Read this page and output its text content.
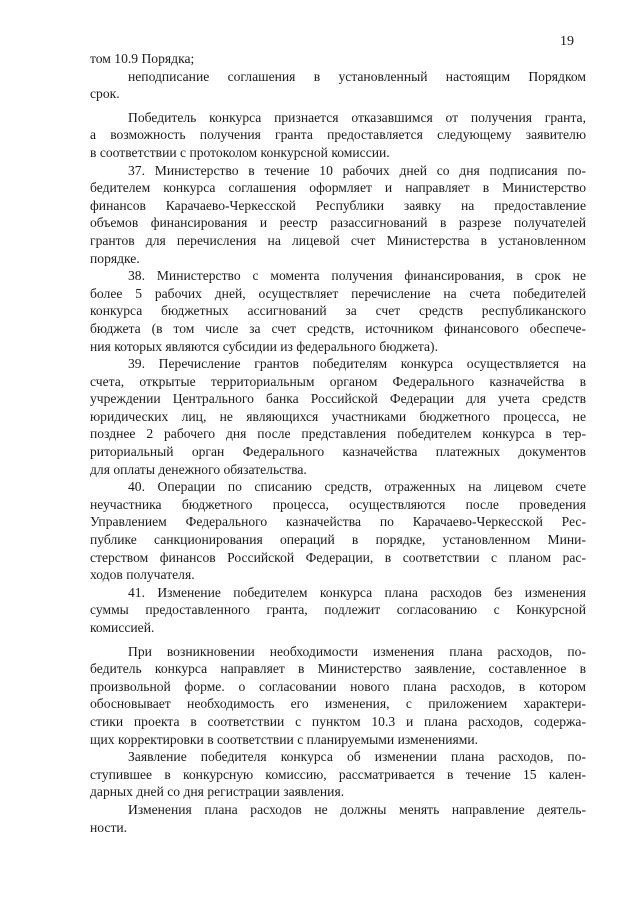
19
том 10.9 Порядка;
неподписание соглашения в установленный настоящим Порядком
срок.
Победитель конкурса признается отказавшимся от получения гранта,
а возможность получения гранта предоставляется следующему заявителю
в соответствии с протоколом конкурсной комиссии.
37. Министерство в течение 10 рабочих дней со дня подписания по-
бедителем конкурса соглашения оформляет и направляет в Министерство
финансов Карачаево-Черкесской Республики заявку на предоставление
объемов финансирования и реестр разассигнований в разрезе получателей
грантов для перечисления на лицевой счет Министерства в установленном
порядке.
38. Министерство с момента получения финансирования, в срок не
более 5 рабочих дней, осуществляет перечисление на счета победителей
конкурса бюджетных ассигнований за счет средств республиканского
бюджета (в том числе за счет средств, источником финансового обеспече-
ния которых являются субсидии из федерального бюджета).
39. Перечисление грантов победителям конкурса осуществляется на
счета, открытые территориальным органом Федерального казначейства в
учреждении Центрального банка Российской Федерации для учета средств
юридических лиц, не являющихся участниками бюджетного процесса, не
позднее 2 рабочего дня после представления победителем конкурса в тер-
риториальный орган Федерального казначейства платежных документов
для оплаты денежного обязательства.
40. Операции по списанию средств, отраженных на лицевом счете
неучастника бюджетного процесса, осуществляются после проведения
Управлением Федерального казначейства по Карачаево-Черкесской Рес-
публике санкционирования операций в порядке, установленном Мини-
стерством финансов Российской Федерации, в соответствии с планом рас-
ходов получателя.
41. Изменение победителем конкурса плана расходов без изменения
суммы предоставленного гранта, подлежит согласованию с Конкурсной
комиссией.
При возникновении необходимости изменения плана расходов, по-
бедитель конкурса направляет в Министерство заявление, составленное в
произвольной форме. о согласовании нового плана расходов, в котором
обосновывает необходимость его изменения, с приложением характери-
стики проекта в соответствии с пунктом 10.3 и плана расходов, содержа-
щих корректировки в соответствии с планируемыми изменениями.
Заявление победителя конкурса об изменении плана расходов, по-
ступившее в конкурсную комиссию, рассматривается в течение 15 кален-
дарных дней со дня регистрации заявления.
Изменения плана расходов не должны менять направление деятель-
ности.
